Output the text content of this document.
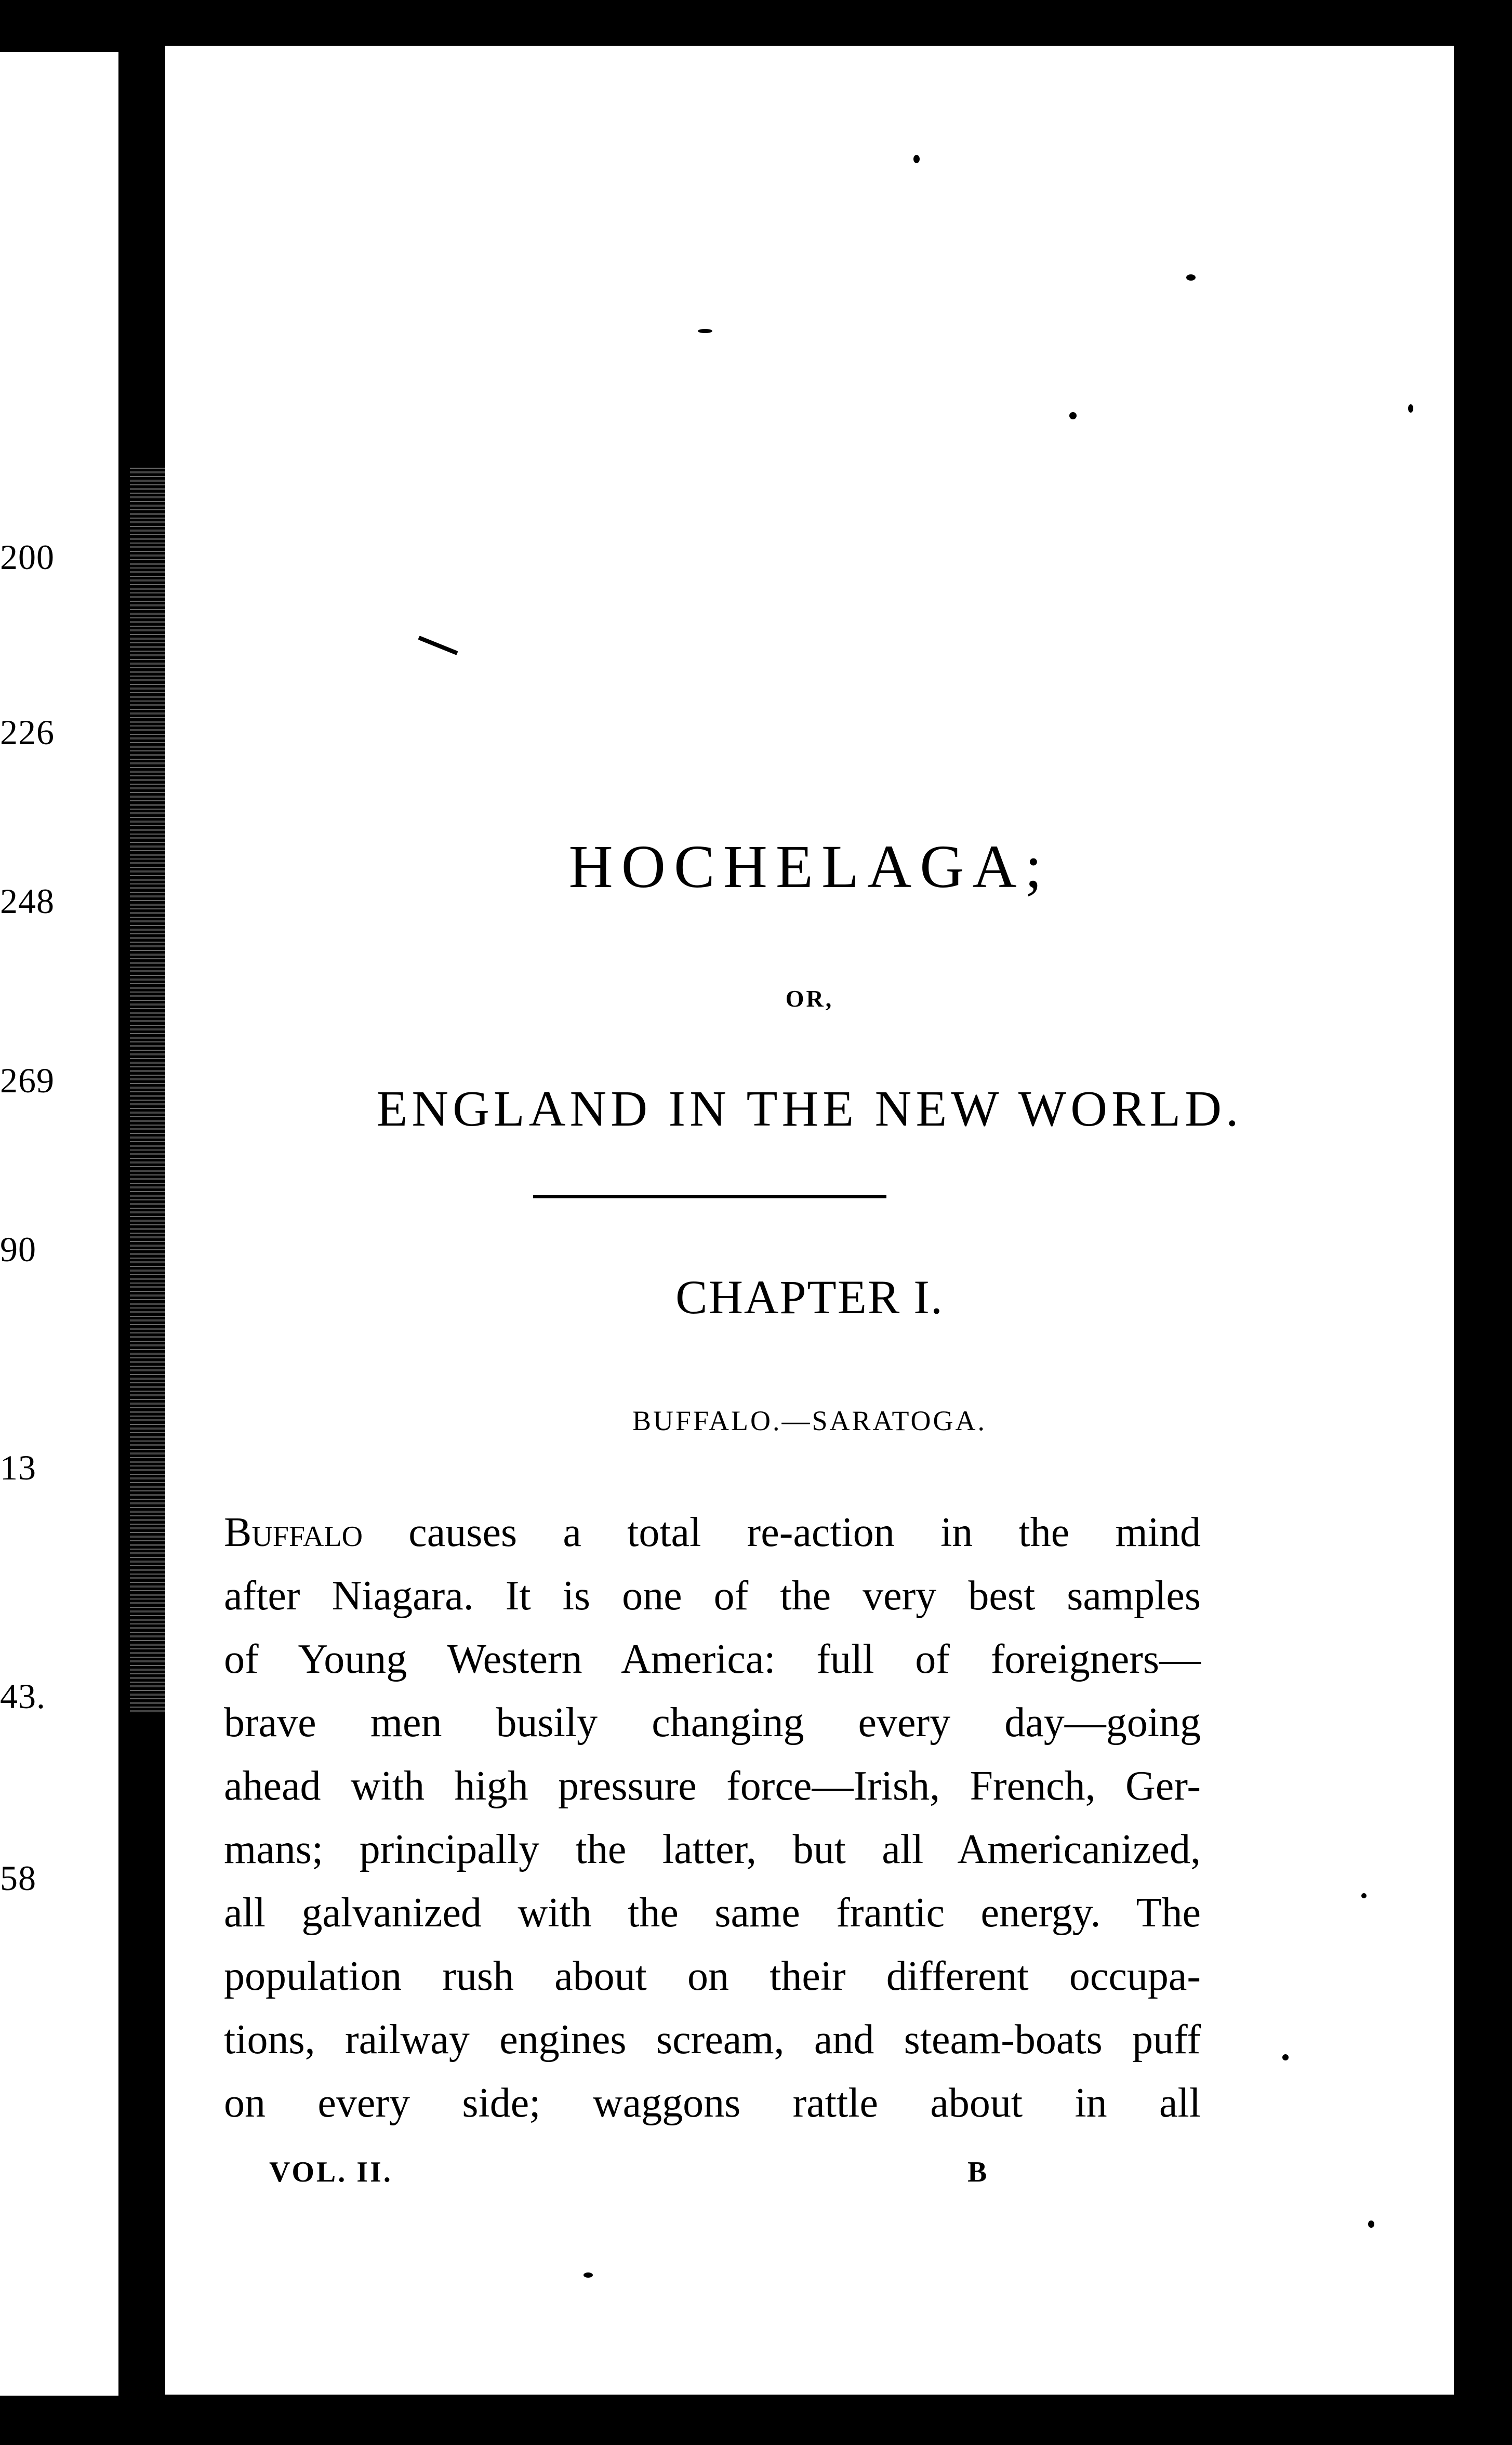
200
226
248
269
90
13
43.
58
HOCHELAGA;
OR,
ENGLAND IN THE NEW WORLD.
CHAPTER I.
BUFFALO.—SARATOGA.
Buffalo causes a total re-action in the mind
after Niagara. It is one of the very best samples
of Young Western America: full of foreigners—
brave men busily changing every day—going
ahead with high pressure force—Irish, French, Ger-
mans; principally the latter, but all Americanized,
all galvanized with the same frantic energy. The
population rush about on their different occupa-
tions, railway engines scream, and steam-boats puff
on every side; waggons rattle about in all
VOL. II.	B
